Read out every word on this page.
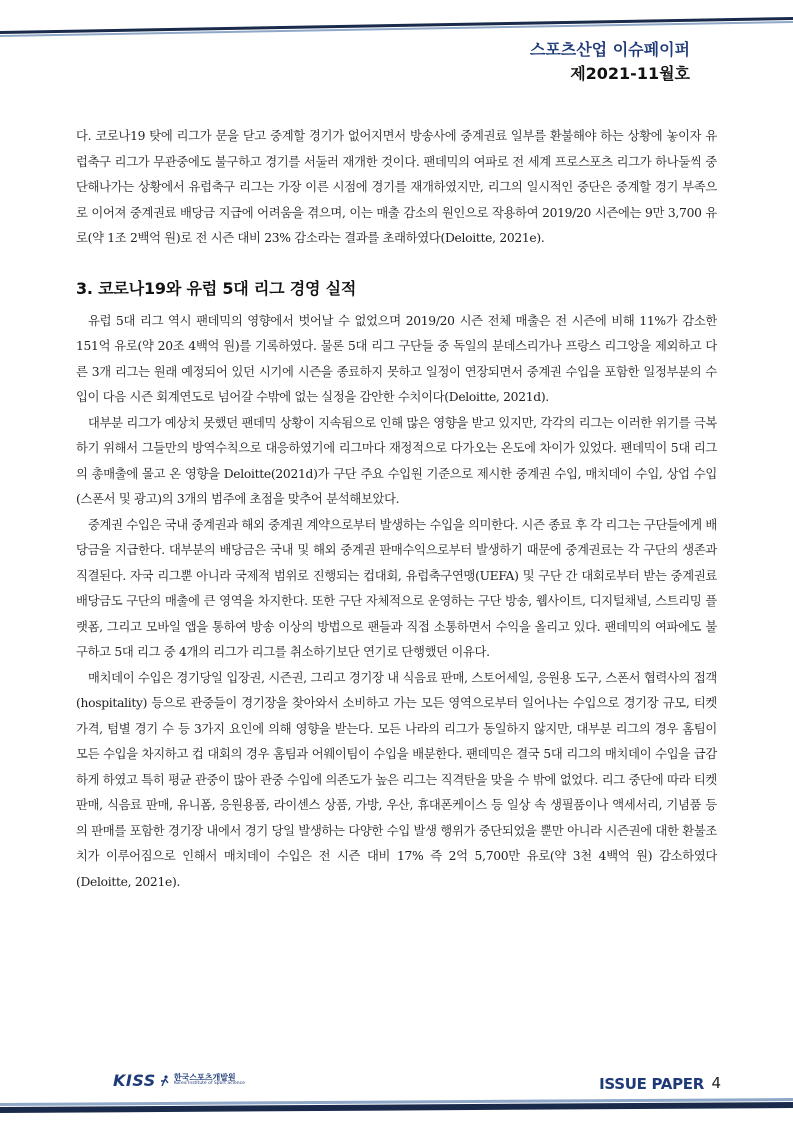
스포츠산업 이슈페이퍼
제2021-11월호

다. 코로나19 탓에 리그가 문을 닫고 중계할 경기가 없어지면서 방송사에 중계권료 일부를 환불해야 하는 상황에 놓이자 유럽축구 리그가 무관중에도 불구하고 경기를 서둘러 재개한 것이다. 팬데믹의 여파로 전 세계 프로스포츠 리그가 하나둘씩 중단해나가는 상황에서 유럽축구 리그는 가장 이른 시점에 경기를 재개하였지만, 리그의 일시적인 중단은 중계할 경기 부족으로 이어져 중계권료 배당금 지급에 어려움을 겪으며, 이는 매출 감소의 원인으로 작용하여 2019/20 시즌에는 9만 3,700 유로(약 1조 2백억 원)로 전 시즌 대비 23% 감소라는 결과를 초래하였다(Deloitte, 2021e).

3. 코로나19와 유럽 5대 리그 경영 실적

유럽 5대 리그 역시 팬데믹의 영향에서 벗어날 수 없었으며 2019/20 시즌 전체 매출은 전 시즌에 비해 11%가 감소한 151억 유로(약 20조 4백억 원)를 기록하였다. 물론 5대 리그 구단들 중 독일의 분데스리가나 프랑스 리그앙을 제외하고 다른 3개 리그는 원래 예정되어 있던 시기에 시즌을 종료하지 못하고 일정이 연장되면서 중계권 수입을 포함한 일정부분의 수입이 다음 시즌 회계연도로 넘어갈 수밖에 없는 실정을 감안한 수치이다(Deloitte, 2021d).

대부분 리그가 예상치 못했던 팬데믹 상황이 지속됨으로 인해 많은 영향을 받고 있지만, 각각의 리그는 이러한 위기를 극복하기 위해서 그들만의 방역수칙으로 대응하였기에 리그마다 재정적으로 다가오는 온도에 차이가 있었다. 팬데믹이 5대 리그의 총매출에 몰고 온 영향을 Deloitte(2021d)가 구단 주요 수입원 기준으로 제시한 중계권 수입, 매치데이 수입, 상업 수입 (스폰서 및 광고)의 3개의 범주에 초점을 맞추어 분석해보았다.

중계권 수입은 국내 중계권과 해외 중계권 계약으로부터 발생하는 수입을 의미한다. 시즌 종료 후 각 리그는 구단들에게 배당금을 지급한다. 대부분의 배당금은 국내 및 해외 중계권 판매수익으로부터 발생하기 때문에 중계권료는 각 구단의 생존과 직결된다. 자국 리그뿐 아니라 국제적 범위로 진행되는 컵대회, 유럽축구연맹(UEFA) 및 구단 간 대회로부터 받는 중계권료 배당금도 구단의 매출에 큰 영역을 차지한다. 또한 구단 자체적으로 운영하는 구단 방송, 웹사이트, 디지털채널, 스트리밍 플랫폼, 그리고 모바일 앱을 통하여 방송 이상의 방법으로 팬들과 직접 소통하면서 수익을 올리고 있다. 팬데믹의 여파에도 불구하고 5대 리그 중 4개의 리그가 리그를 취소하기보단 연기로 단행했던 이유다.

매치데이 수입은 경기당일 입장권, 시즌권, 그리고 경기장 내 식음료 판매, 스토어세일, 응원용 도구, 스폰서 협력사의 접객(hospitality) 등으로 관중들이 경기장을 찾아와서 소비하고 가는 모든 영역으로부터 일어나는 수입으로 경기장 규모, 티켓 가격, 텀별 경기 수 등 3가지 요인에 의해 영향을 받는다. 모든 나라의 리그가 동일하지 않지만, 대부분 리그의 경우 홈팀이 모든 수입을 차지하고 컵 대회의 경우 홈팀과 어웨이팀이 수입을 배분한다. 팬데믹은 결국 5대 리그의 매치데이 수입을 급감하게 하였고 특히 평균 관중이 많아 관중 수입에 의존도가 높은 리그는 직격탄을 맞을 수 밖에 없었다. 리그 중단에 따라 티켓 판매, 식음료 판매, 유니폼, 응원용품, 라이센스 상품, 가방, 우산, 휴대폰케이스 등 일상 속 생필품이나 액세서리, 기념품 등의 판매를 포함한 경기장 내에서 경기 당일 발생하는 다양한 수입 발생 행위가 중단되었을 뿐만 아니라 시즌권에 대한 환불조치가 이루어짐으로 인해서 매치데이 수입은 전 시즌 대비 17% 즉 2억 5,700만 유로(약 3천 4백억 원) 감소하였다(Deloitte, 2021e).

KISS 한국스포츠개발원
Korea Institute of Sport Science	ISSUE PAPER 4
